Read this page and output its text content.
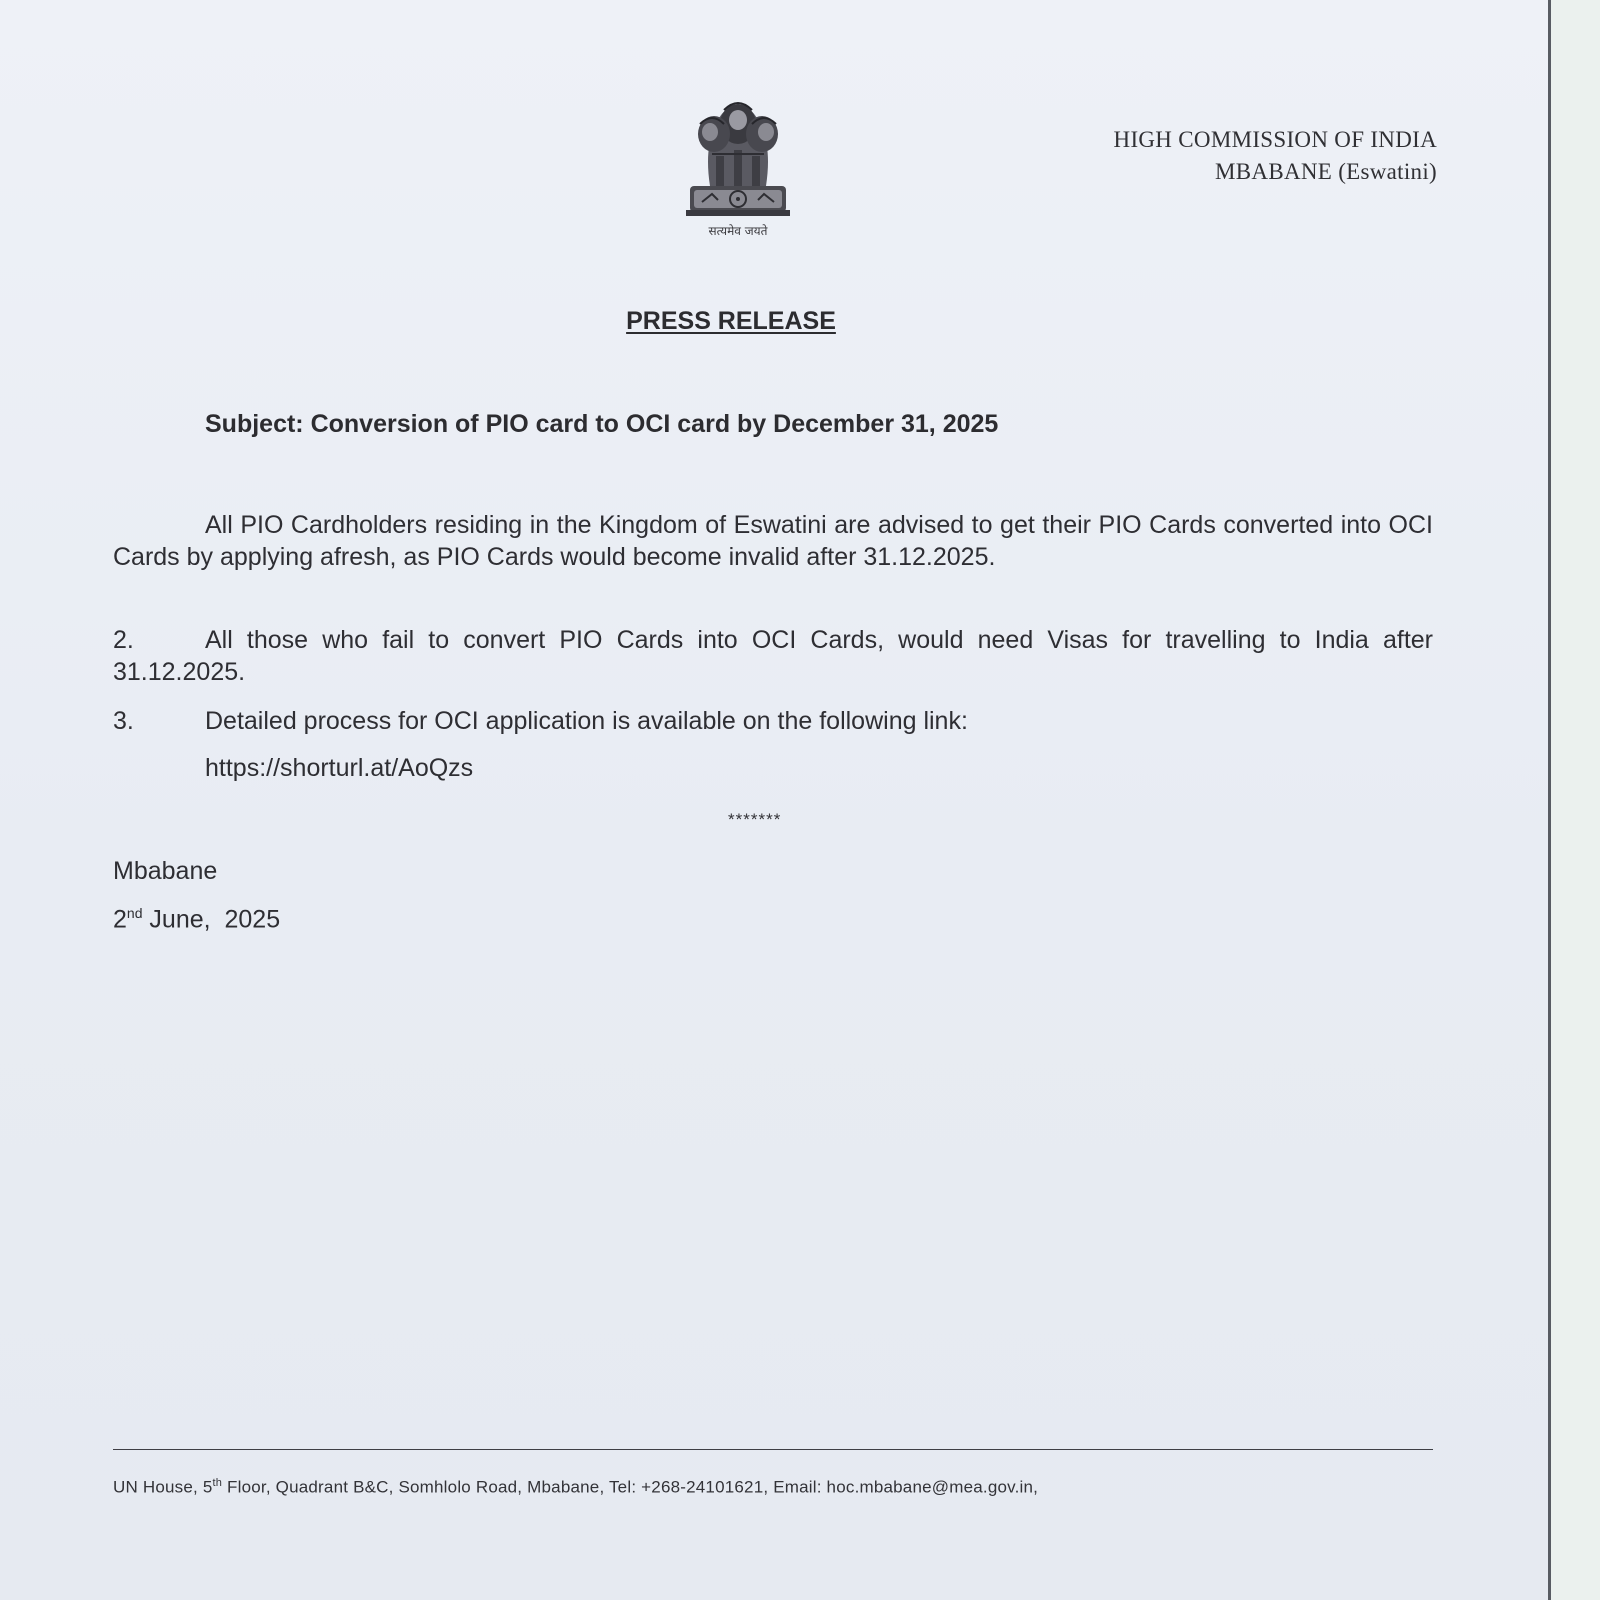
सत्यमेव जयते
HIGH COMMISSION OF INDIA
MBABANE (Eswatini)
PRESS RELEASE
Subject: Conversion of PIO card to OCI card by December 31, 2025
All PIO Cardholders residing in the Kingdom of Eswatini are advised to get their PIO Cards converted into OCI Cards by applying afresh, as PIO Cards would become invalid after 31.12.2025.
2.	All those who fail to convert PIO Cards into OCI Cards, would need Visas for travelling to India after 31.12.2025.
3.	Detailed process for OCI application is available on the following link:
https://shorturl.at/AoQzs
*******
Mbabane
2nd June,  2025
UN House, 5th Floor, Quadrant B&C, Somhlolo Road, Mbabane, Tel: +268-24101621, Email: hoc.mbabane@mea.gov.in,
